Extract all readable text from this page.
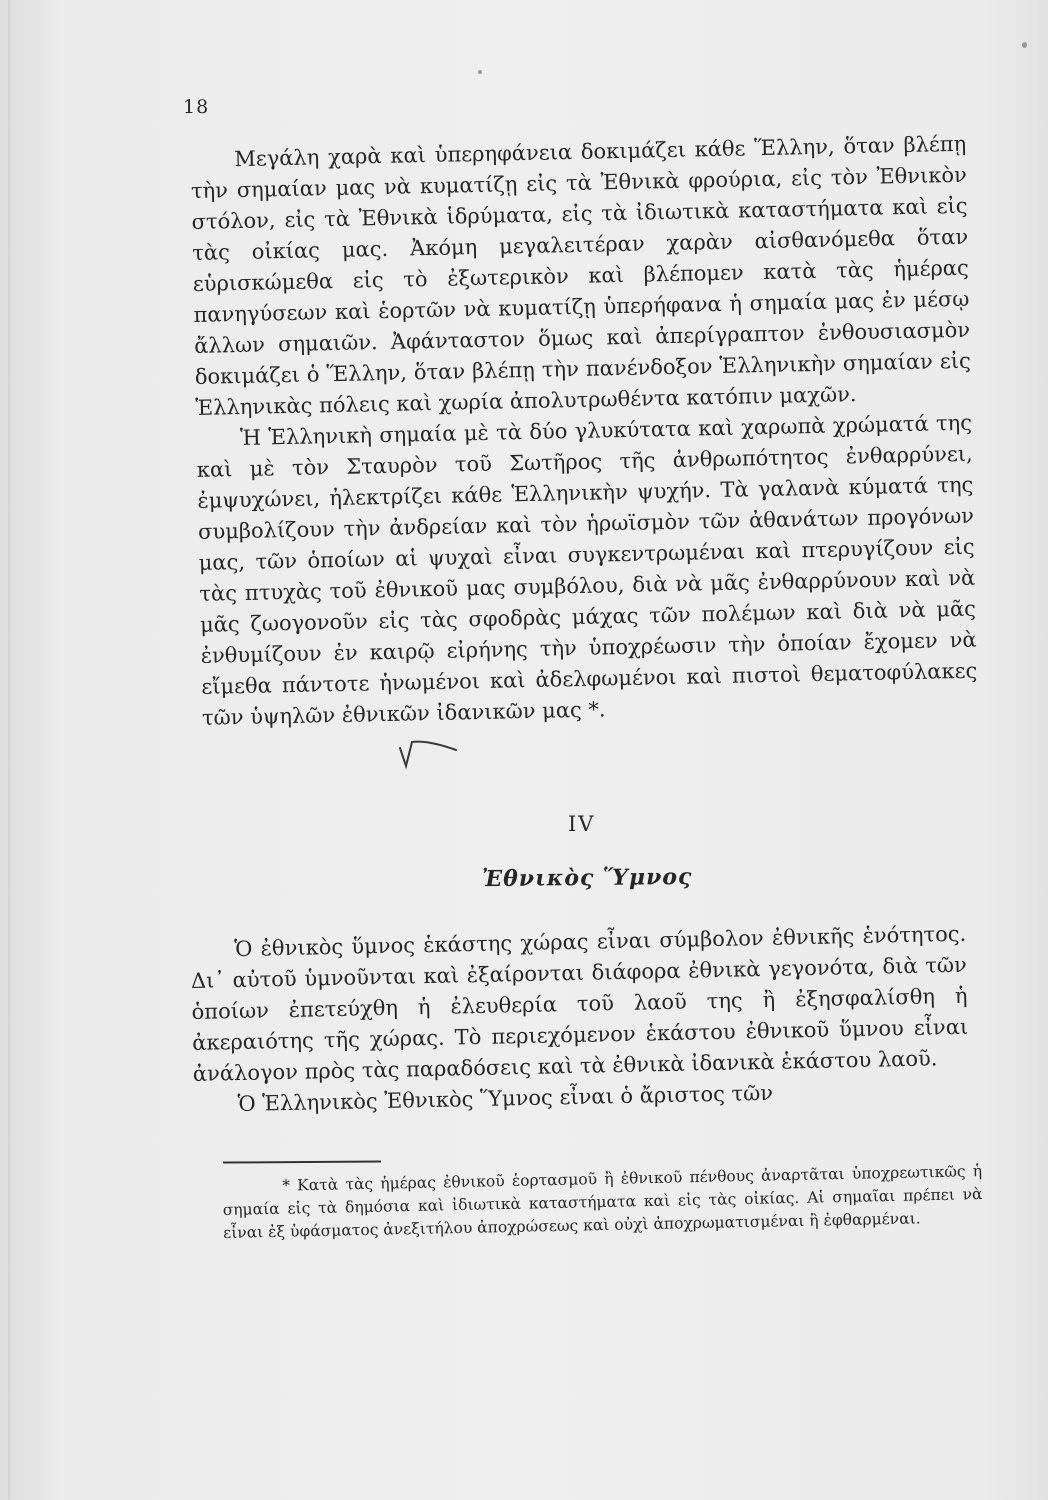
18

Μεγάλη χαρὰ καὶ ὑπερηφάνεια δοκιμάζει κάθε Ἕλλην, ὅταν βλέπῃ τὴν σημαίαν μας νὰ κυματίζῃ εἰς τὰ Ἐθνικὰ φρούρια, εἰς τὸν Ἐθνικὸν στόλον, εἰς τὰ Ἐθνικὰ ἱδρύματα, εἰς τὰ ἰδιωτικὰ καταστήματα καὶ εἰς τὰς οἰκίας μας. Ἀκόμη μεγαλειτέραν χαρὰν αἰσθανόμεθα ὅταν εὑρισκώμεθα εἰς τὸ ἐξωτερικὸν καὶ βλέπομεν κατὰ τὰς ἡμέρας πανηγύσεων καὶ ἑορτῶν νὰ κυματίζῃ ὑπερήφανα ἡ σημαία μας ἐν μέσῳ ἄλλων σημαιῶν. Ἀφάνταστον ὅμως καὶ ἀπερίγραπτον ἐνθουσιασμὸν δοκιμάζει ὁ Ἕλλην, ὅταν βλέπῃ τὴν πανένδοξον Ἑλληνικὴν σημαίαν εἰς Ἑλληνικὰς πόλεις καὶ χωρία ἀπολυτρωθέντα κατόπιν μαχῶν.

Ἡ Ἑλληνικὴ σημαία μὲ τὰ δύο γλυκύτατα καὶ χαρωπὰ χρώματά της καὶ μὲ τὸν Σταυρὸν τοῦ Σωτῆρος τῆς ἀνθρωπότητος ἐνθαρρύνει, ἐμψυχώνει, ἠλεκτρίζει κάθε Ἑλληνικὴν ψυχήν. Τὰ γαλανὰ κύματά της συμβολίζουν τὴν ἀνδρείαν καὶ τὸν ἡρωϊσμὸν τῶν ἀθανάτων προγόνων μας, τῶν ὁποίων αἱ ψυχαὶ εἶναι συγκεντρωμέναι καὶ πτερυγίζουν εἰς τὰς πτυχὰς τοῦ ἐθνικοῦ μας συμβόλου, διὰ νὰ μᾶς ἐνθαρρύνουν καὶ νὰ μᾶς ζωογονοῦν εἰς τὰς σφοδρὰς μάχας τῶν πολέμων καὶ διὰ νὰ μᾶς ἐνθυμίζουν ἐν καιρῷ εἰρήνης τὴν ὑποχρέωσιν τὴν ὁποίαν ἔχομεν νὰ εἴμεθα πάντοτε ἡνωμένοι καὶ ἀδελφωμένοι καὶ πιστοὶ θεματοφύλακες τῶν ὑψηλῶν ἐθνικῶν ἰδανικῶν μας *.

IV
Ἐθνικὸς Ὕμνος

Ὁ ἐθνικὸς ὕμνος ἑκάστης χώρας εἶναι σύμβολον ἐθνικῆς ἑνότητος. Δι᾿ αὐτοῦ ὑμνοῦνται καὶ ἐξαίρονται διάφορα ἐθνικὰ γεγονότα, διὰ τῶν ὁποίων ἐπετεύχθη ἡ ἐλευθερία τοῦ λαοῦ της ἢ ἐξησφαλίσθη ἡ ἀκεραιότης τῆς χώρας. Τὸ περιεχόμενον ἑκάστου ἐθνικοῦ ὕμνου εἶναι ἀνάλογον πρὸς τὰς παραδόσεις καὶ τὰ ἐθνικὰ ἰδανικὰ ἑκάστου λαοῦ.

Ὁ Ἑλληνικὸς Ἐθνικὸς Ὕμνος εἶναι ὁ ἄριστος τῶν

* Κατὰ τὰς ἡμέρας ἐθνικοῦ ἑορτασμοῦ ἢ ἐθνικοῦ πένθους ἀναρτᾶται ὑποχρεωτικῶς ἡ σημαία εἰς τὰ δημόσια καὶ ἰδιωτικὰ καταστήματα καὶ εἰς τὰς οἰκίας. Αἱ σημαῖαι πρέπει νὰ εἶναι ἐξ ὑφάσματος ἀνεξιτήλου ἀποχρώσεως καὶ οὐχὶ ἀποχρωματισμέναι ἢ ἐφθαρμέναι.
